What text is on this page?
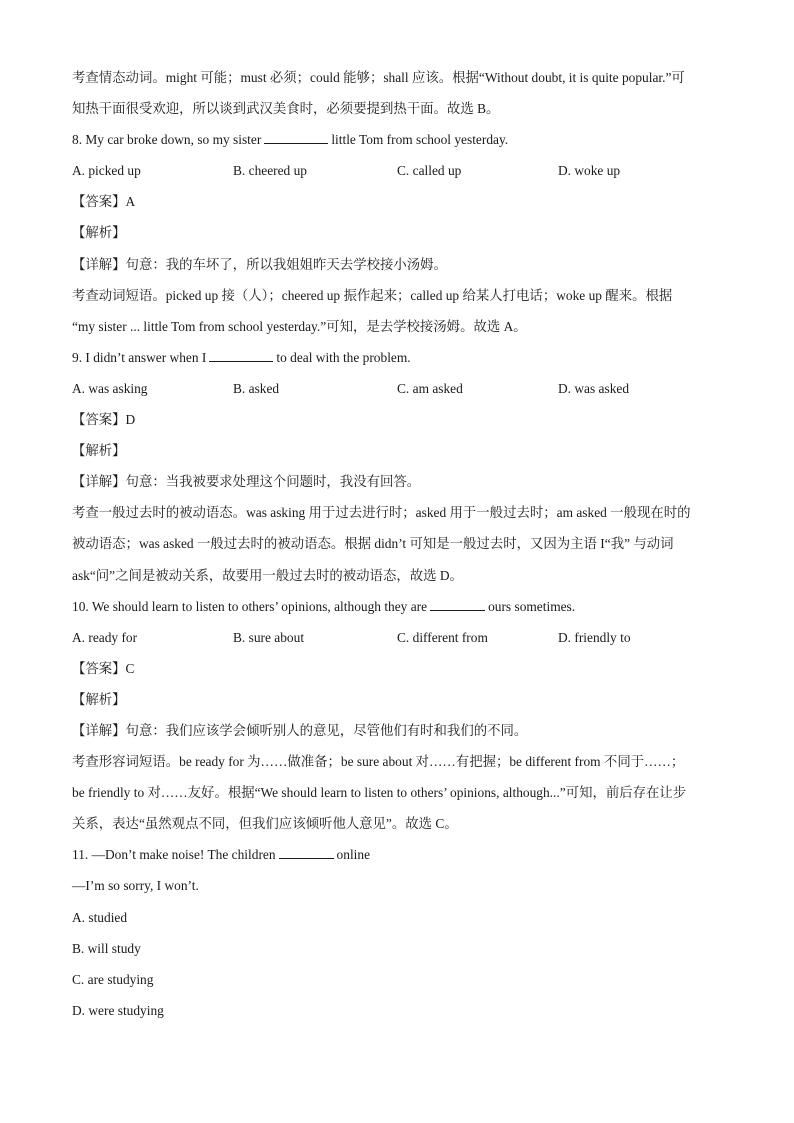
考查情态动词。might 可能；must 必须；could 能够；shall 应该。根据“Without doubt, it is quite popular.”可
知热干面很受欢迎，所以谈到武汉美食时，必须要提到热干面。故选 B。
8. My car broke down, so my sister	little Tom from school yesterday.
A. picked up	B. cheered up	C. called up	D. woke up
【答案】A
【解析】
【详解】句意：我的车坏了，所以我姐姐昨天去学校接小汤姆。
考查动词短语。picked up 接（人）；cheered up 振作起来；called up 给某人打电话；woke up 醒来。根据
“my sister ... little Tom from school yesterday.”可知，是去学校接汤姆。故选 A。
9. I didn’t answer when I	to deal with the problem.
A. was asking	B. asked	C. am asked	D. was asked
【答案】D
【解析】
【详解】句意：当我被要求处理这个问题时，我没有回答。
考查一般过去时的被动语态。was asking 用于过去进行时；asked 用于一般过去时；am asked 一般现在时的
被动语态；was asked 一般过去时的被动语态。根据 didn’t 可知是一般过去时，又因为主语 I“我” 与动词
ask“问”之间是被动关系，故要用一般过去时的被动语态，故选 D。
10. We should learn to listen to others’ opinions, although they are	ours sometimes.
A. ready for	B. sure about	C. different from	D. friendly to
【答案】C
【解析】
【详解】句意：我们应该学会倾听别人的意见，尽管他们有时和我们的不同。
考查形容词短语。be ready for 为……做准备；be sure about 对……有把握；be different from 不同于……；
be friendly to 对……友好。根据“We should learn to listen to others’ opinions, although...”可知，前后存在让步
关系，表达“虽然观点不同，但我们应该倾听他人意见”。故选 C。
11. —Don’t make noise! The children	online
—I’m so sorry, I won’t.
A. studied
B. will study
C. are studying
D. were studying
